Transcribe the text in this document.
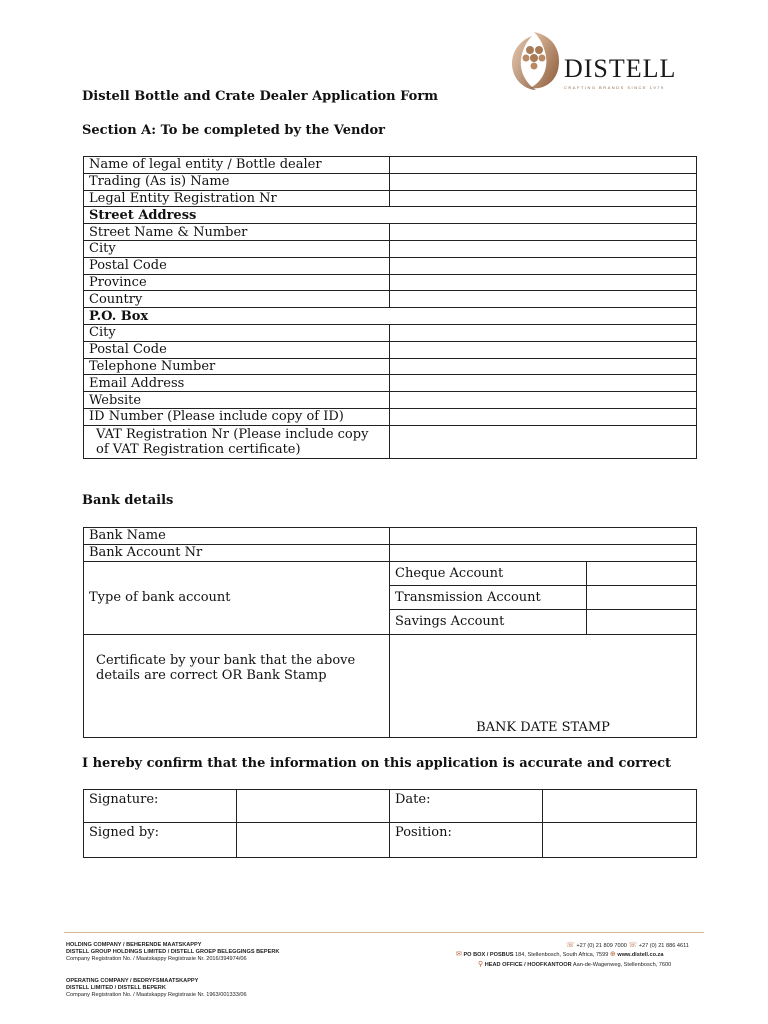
DISTELL
CRAFTING BRANDS SINCE 1979
Distell Bottle and Crate Dealer Application Form
Section A: To be completed by the Vendor
Name of legal entity / Bottle dealer	
Trading (As is) Name	
Legal Entity Registration Nr	
Street Address	
Street Name & Number	
City	
Postal Code	
Province	
Country	
P.O. Box	
City	
Postal Code	
Telephone Number	
Email Address	
Website	
ID Number (Please include copy of ID)	
VAT Registration Nr (Please include copy of VAT Registration certificate)	
Bank details
Bank Name		
Bank Account Nr		
Type of bank account	Cheque Account	
	Transmission Account	
	Savings Account	
Certificate by your bank that the above details are correct OR Bank Stamp	BANK DATE STAMP	
I hereby confirm that the information on this application is accurate and correct
Signature:		Date:	
Signed by:		Position:	
HOLDING COMPANY / BEHERENDE MAATSKAPPY
DISTELL GROUP HOLDINGS LIMITED / DISTELL GROEP BELEGGINGS BEPERK
Company Registration No. / Maatskappy Registrasie Nr. 2016/394974/06
OPERATING COMPANY / BEDRYFSMAATSKAPPY
DISTELL LIMITED / DISTELL BEPERK
Company Registration No. / Maatskappy Registrasie Nr. 1963/001333/06
☏ +27 (0) 21 809 7000 ☏ +27 (0) 21 886 4611
✉ PO BOX / POSBUS 184, Stellenbosch, South Africa, 7599 ⊕ www.distell.co.za
⚲ HEAD OFFICE / HOOFKANTOOR Aan-de-Wagenweg, Stellenbosch, 7600
